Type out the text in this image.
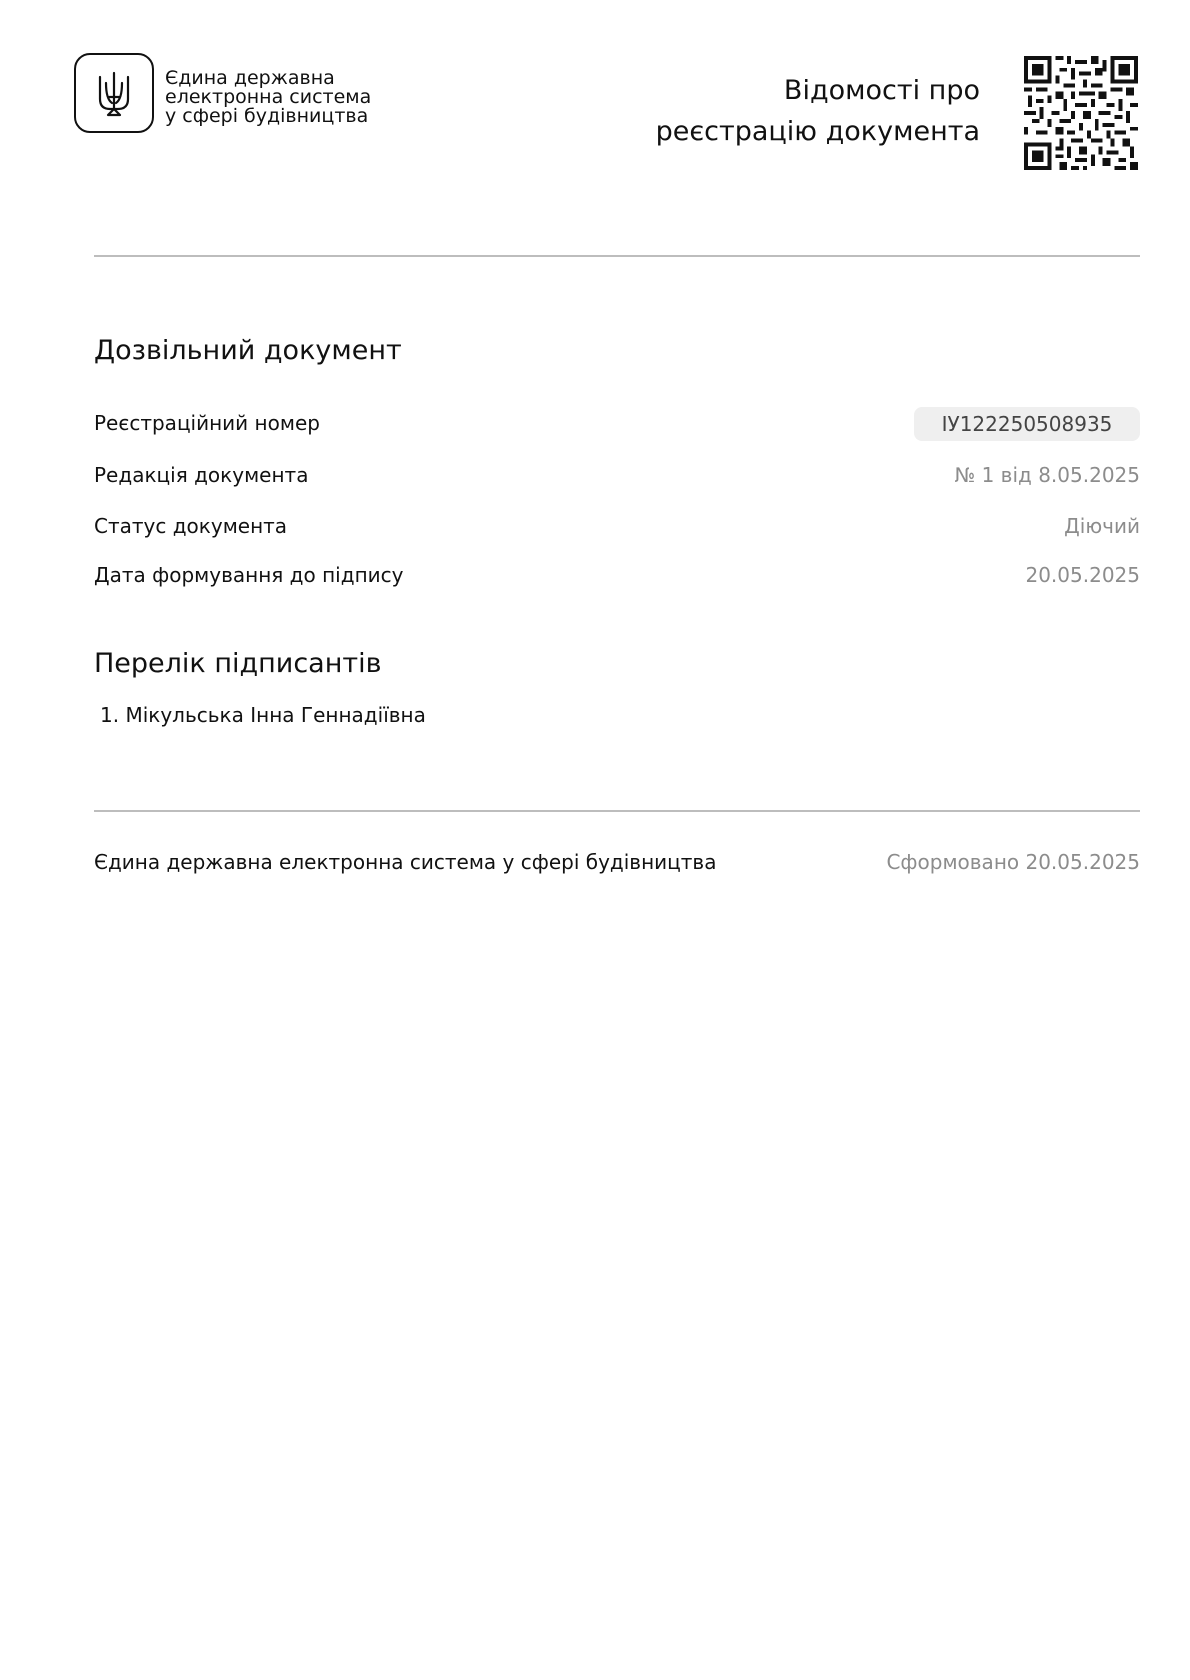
Єдина державна
електронна система
у сфері будівництва
Відомості про
реєстрацію документа
Дозвільний документ
Реєстраційний номер	ІУ122250508935
Редакція документа	№ 1 від 8.05.2025
Статус документа	Діючий
Дата формування до підпису	20.05.2025
Перелік підписантів
1. Мікульська Інна Геннадіївна
Єдина державна електронна система у сфері будівництва	Сформовано 20.05.2025
